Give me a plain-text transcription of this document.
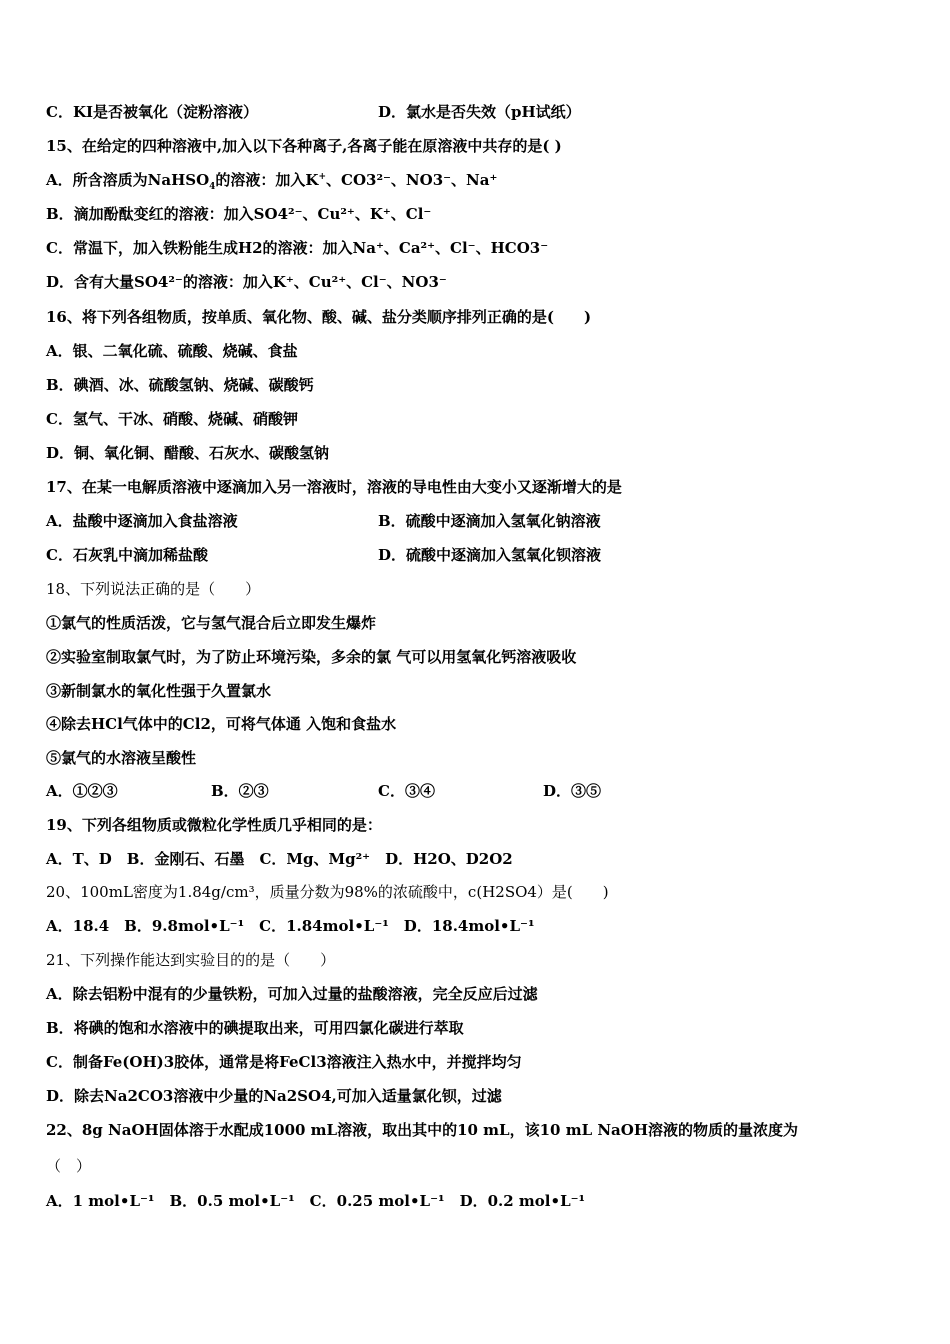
C．KI是否被氧化（淀粉溶液）	D．氯水是否失效（pH试纸）
15、在给定的四种溶液中,加入以下各种离子,各离子能在原溶液中共存的是( )
A．所含溶质为NaHSO$_4$的溶液：加入K+、CO3²⁻、NO3⁻、Na⁺
B．滴加酚酞变红的溶液：加入SO4²⁻、Cu²⁺、K⁺、Cl⁻
C．常温下，加入铁粉能生成H2的溶液：加入Na⁺、Ca²⁺、Cl⁻、HCO3⁻
D．含有大量SO4²⁻的溶液：加入K⁺、Cu²⁺、Cl⁻、NO3⁻
16、将下列各组物质，按单质、氧化物、酸、碱、盐分类顺序排列正确的是(　　)
A．银、二氧化硫、硫酸、烧碱、食盐
B．碘酒、冰、硫酸氢钠、烧碱、碳酸钙
C．氢气、干冰、硝酸、烧碱、硝酸钾
D．铜、氧化铜、醋酸、石灰水、碳酸氢钠
17、在某一电解质溶液中逐滴加入另一溶液时，溶液的导电性由大变小又逐渐增大的是
A．盐酸中逐滴加入食盐溶液	B．硫酸中逐滴加入氢氧化钠溶液
C．石灰乳中滴加稀盐酸	D．硫酸中逐滴加入氢氧化钡溶液
18、下列说法正确的是（　　）
①氯气的性质活泼，它与氢气混合后立即发生爆炸
②实验室制取氯气时，为了防止环境污染，多余的氯 气可以用氢氧化钙溶液吸收
③新制氯水的氧化性强于久置氯水
④除去HCl气体中的Cl2，可将气体通 入饱和食盐水
⑤氯气的水溶液呈酸性
A．①②③	B．②③	C．③④	D．③⑤
19、下列各组物质或微粒化学性质几乎相同的是：
A．T、D　B．金刚石、石墨　C．Mg、Mg²⁺　D．H2O、D2O2
20、100mL密度为1.84g/cm³，质量分数为98%的浓硫酸中，c(H2SO4）是(　　)
A．18.4　B．9.8mol•L⁻¹　C．1.84mol•L⁻¹　D．18.4mol•L⁻¹
21、下列操作能达到实验目的的是（　　）
A．除去铝粉中混有的少量铁粉，可加入过量的盐酸溶液，完全反应后过滤
B．将碘的饱和水溶液中的碘提取出来，可用四氯化碳进行萃取
C．制备Fe(OH)3胶体，通常是将FeCl3溶液注入热水中，并搅拌均匀
D．除去Na2CO3溶液中少量的Na2SO4,可加入适量氯化钡，过滤
22、8g NaOH固体溶于水配成1000 mL溶液，取出其中的10 mL，该10 mL NaOH溶液的物质的量浓度为
（　）
A．1 mol•L⁻¹　B．0.5 mol•L⁻¹　C．0.25 mol•L⁻¹　D．0.2 mol•L⁻¹
